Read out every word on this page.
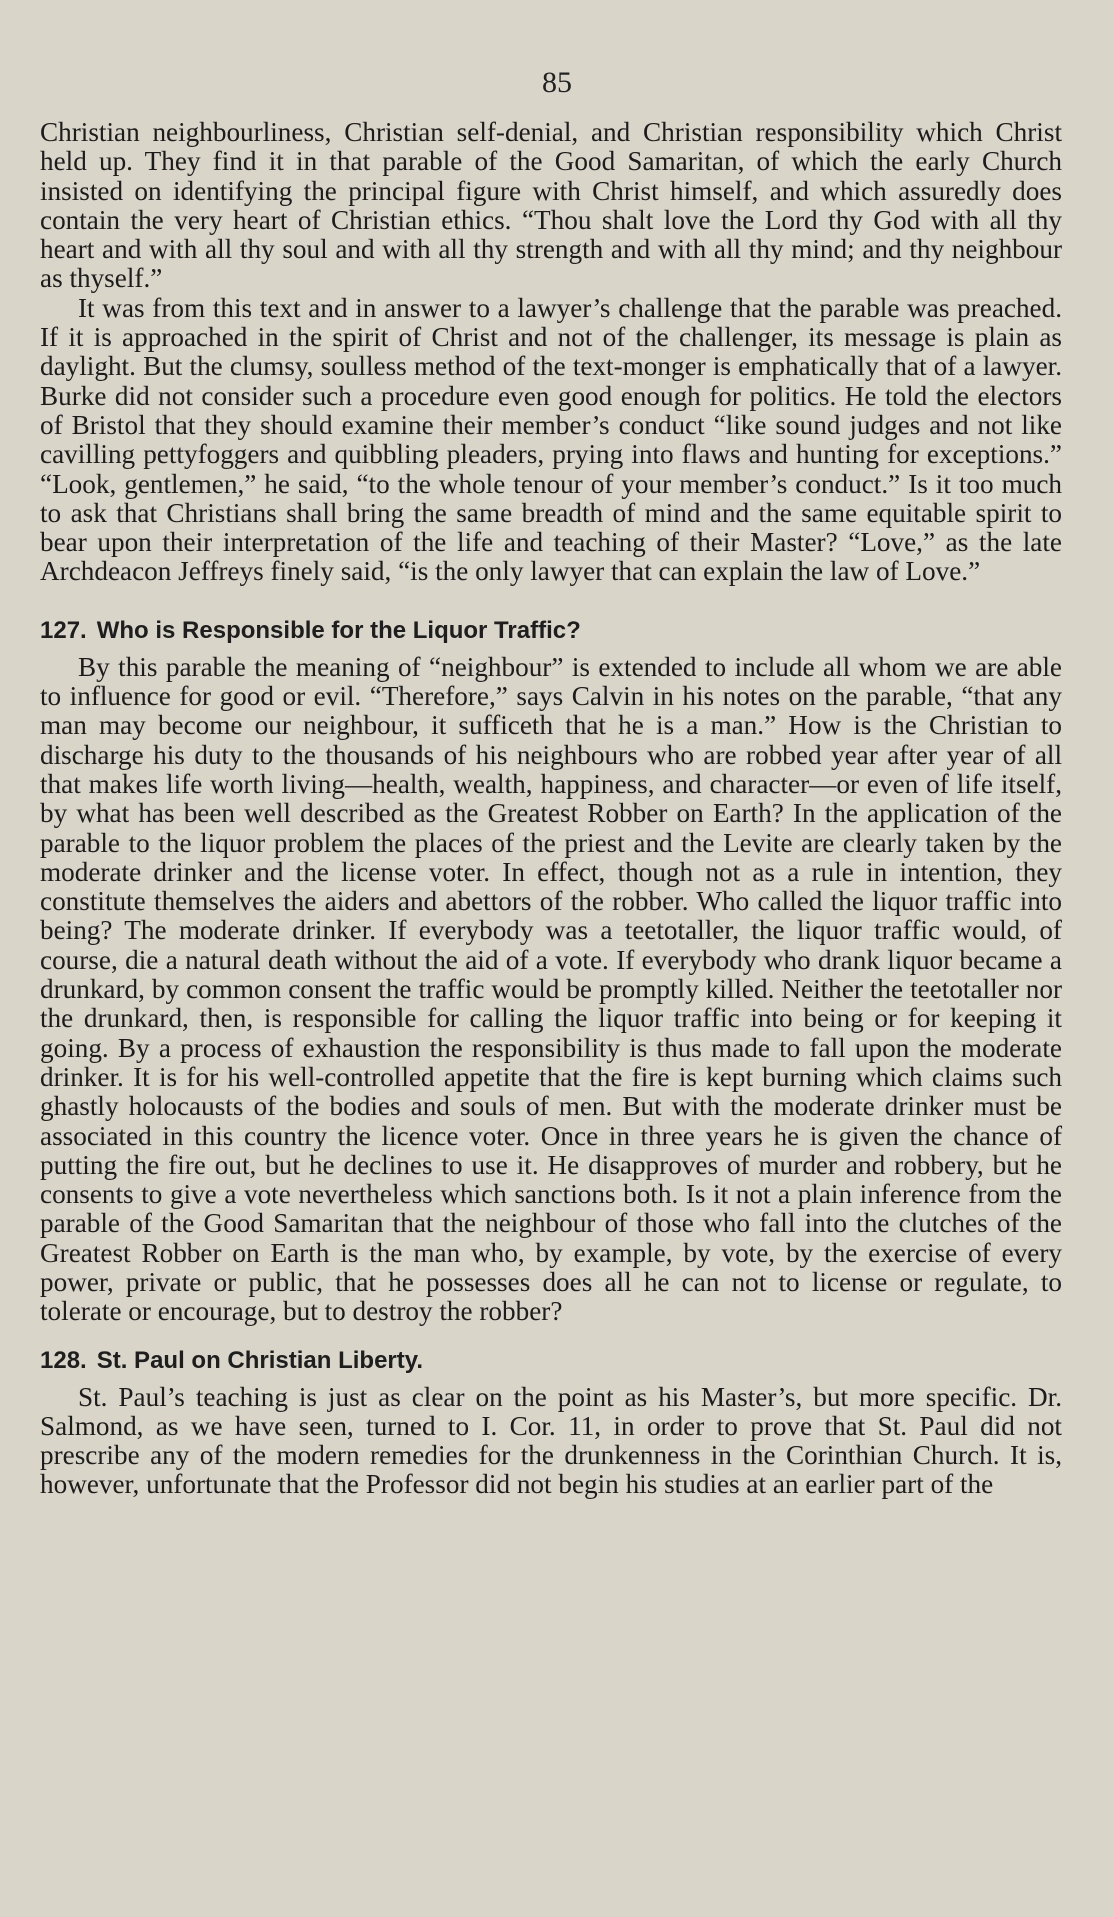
85

Christian neighbourliness, Christian self-denial, and Christian responsibility which Christ held up. They find it in that parable of the Good Samaritan, of which the early Church insisted on identifying the principal figure with Christ himself, and which assuredly does contain the very heart of Christian ethics. “Thou shalt love the Lord thy God with all thy heart and with all thy soul and with all thy strength and with all thy mind; and thy neighbour as thyself.”

It was from this text and in answer to a lawyer’s challenge that the parable was preached. If it is approached in the spirit of Christ and not of the challenger, its message is plain as daylight. But the clumsy, soulless method of the text-monger is emphatically that of a lawyer. Burke did not consider such a procedure even good enough for politics. He told the electors of Bristol that they should examine their member’s conduct “like sound judges and not like cavilling pettyfoggers and quibbling pleaders, prying into flaws and hunting for exceptions.” “Look, gentlemen,” he said, “to the whole tenour of your member’s conduct.” Is it too much to ask that Christians shall bring the same breadth of mind and the same equitable spirit to bear upon their interpretation of the life and teaching of their Master? “Love,” as the late Archdeacon Jeffreys finely said, “is the only lawyer that can explain the law of Love.”

127. Who is Responsible for the Liquor Traffic?

By this parable the meaning of “neighbour” is extended to include all whom we are able to influence for good or evil. “Therefore,” says Calvin in his notes on the parable, “that any man may become our neighbour, it sufficeth that he is a man.” How is the Christian to discharge his duty to the thousands of his neighbours who are robbed year after year of all that makes life worth living—health, wealth, happiness, and character—or even of life itself, by what has been well described as the Greatest Robber on Earth? In the application of the parable to the liquor problem the places of the priest and the Levite are clearly taken by the moderate drinker and the license voter. In effect, though not as a rule in intention, they constitute themselves the aiders and abettors of the robber. Who called the liquor traffic into being? The moderate drinker. If everybody was a teetotaller, the liquor traffic would, of course, die a natural death without the aid of a vote. If everybody who drank liquor became a drunkard, by common consent the traffic would be promptly killed. Neither the teetotaller nor the drunkard, then, is responsible for calling the liquor traffic into being or for keeping it going. By a process of exhaustion the responsibility is thus made to fall upon the moderate drinker. It is for his well-controlled appetite that the fire is kept burning which claims such ghastly holocausts of the bodies and souls of men. But with the moderate drinker must be associated in this country the licence voter. Once in three years he is given the chance of putting the fire out, but he declines to use it. He disapproves of murder and robbery, but he consents to give a vote nevertheless which sanctions both. Is it not a plain inference from the parable of the Good Samaritan that the neighbour of those who fall into the clutches of the Greatest Robber on Earth is the man who, by example, by vote, by the exercise of every power, private or public, that he possesses does all he can not to license or regulate, to tolerate or encourage, but to destroy the robber?

128. St. Paul on Christian Liberty.

St. Paul’s teaching is just as clear on the point as his Master’s, but more specific. Dr. Salmond, as we have seen, turned to I. Cor. 11, in order to prove that St. Paul did not prescribe any of the modern remedies for the drunkenness in the Corinthian Church. It is, however, unfortunate that the Professor did not begin his studies at an earlier part of the
